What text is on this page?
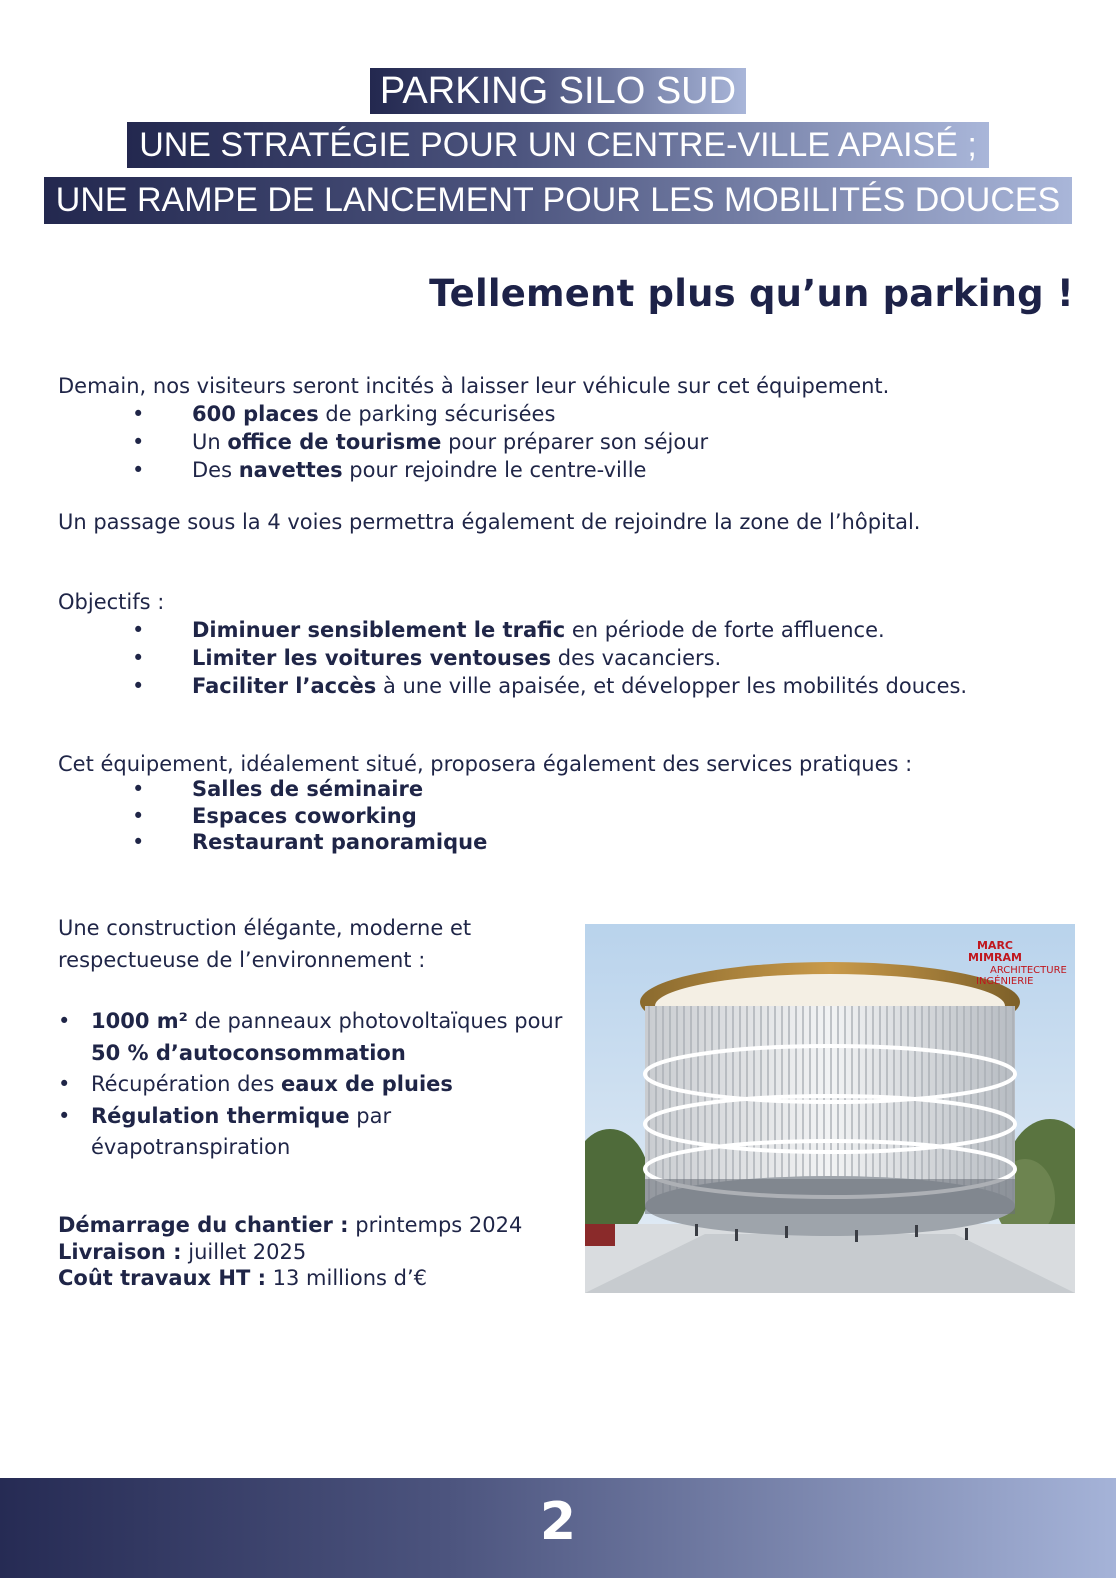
PARKING SILO SUD
UNE STRATÉGIE POUR UN CENTRE-VILLE APAISÉ ;
UNE RAMPE DE LANCEMENT POUR LES MOBILITÉS DOUCES
Tellement plus qu’un parking !

Demain, nos visiteurs seront incités à laisser leur véhicule sur cet équipement.

• 600 places de parking sécurisées
• Un office de tourisme pour préparer son séjour
• Des navettes pour rejoindre le centre-ville

Un passage sous la 4 voies permettra également de rejoindre la zone de l’hôpital.

Objectifs :

• Diminuer sensiblement le trafic en période de forte affluence.
• Limiter les voitures ventouses des vacanciers.
• Faciliter l’accès à une ville apaisée, et développer les mobilités douces.

Cet équipement, idéalement situé, proposera également des services pratiques :

• Salles de séminaire
• Espaces coworking
• Restaurant panoramique

Une construction élégante, moderne et
respectueuse de l’environnement :

• 1000 m² de panneaux photovoltaïques pour
50 % d’autoconsommation
• Récupération des eaux de pluies
• Régulation thermique par
évapotranspiration
Démarrage du chantier : printemps 2024
Livraison : juillet 2025
Coût travaux HT : 13 millions d’€
MARC
MIMRAM
ARCHITECTURE
INGÉNIERIE
2
